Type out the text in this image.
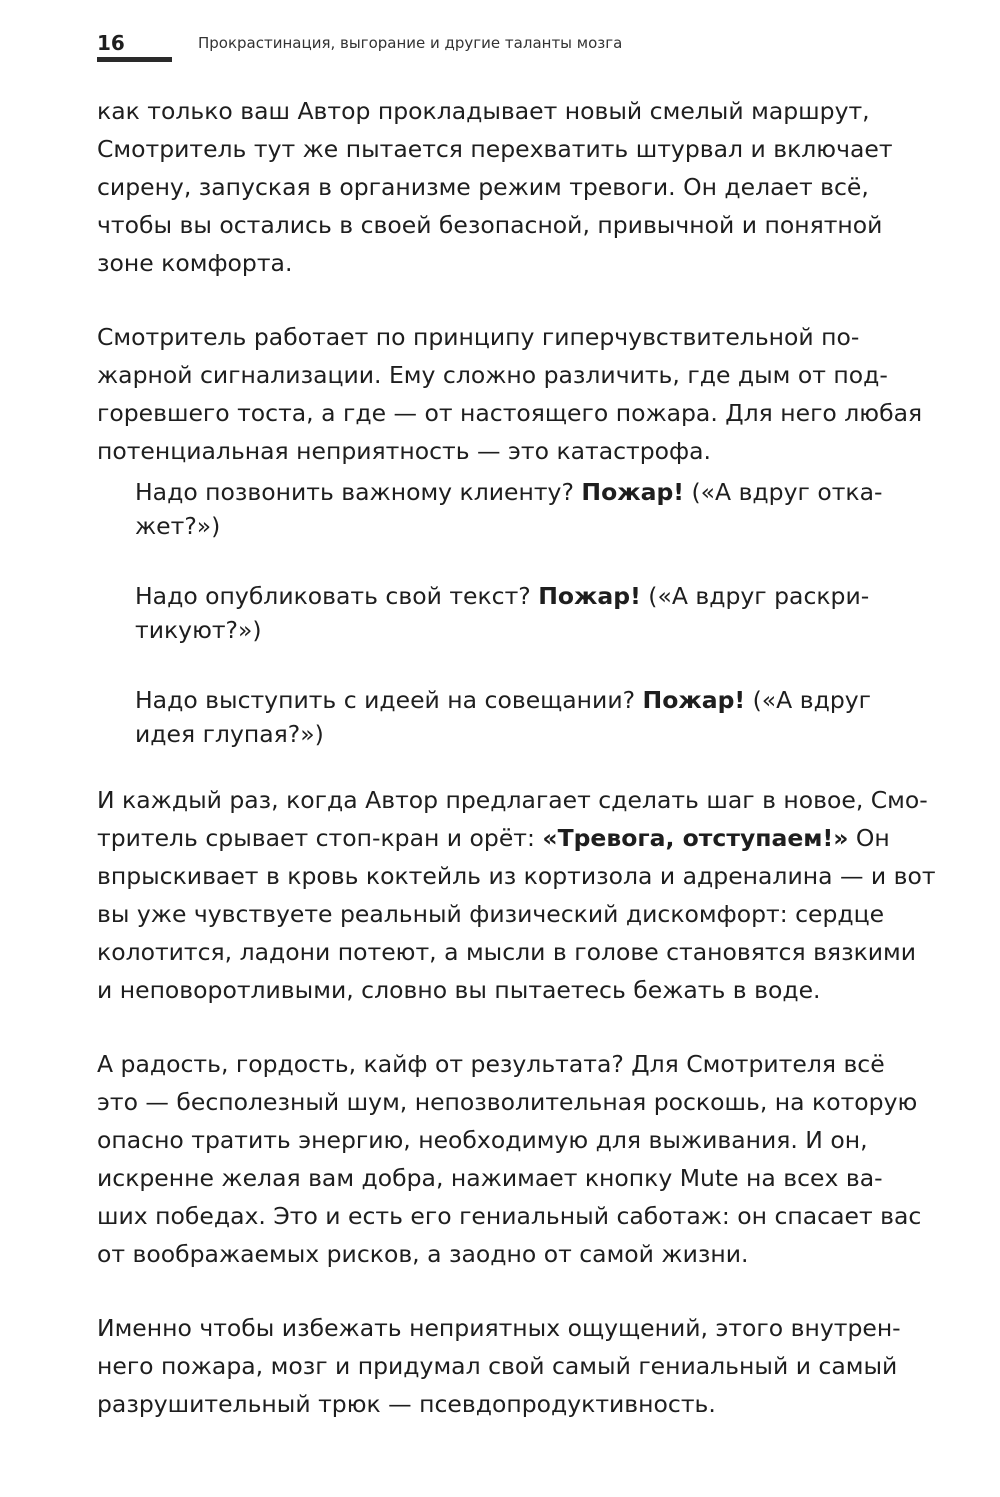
16	Прокрастинация, выгорание и другие таланты мозга

как только ваш Автор прокладывает новый смелый маршрут,
Смотритель тут же пытается перехватить штурвал и включает
сирену, запуская в организме режим тревоги. Он делает всё,
чтобы вы остались в своей безопасной, привычной и понятной
зоне комфорта.

Смотритель работает по принципу гиперчувствительной по-
жарной сигнализации. Ему сложно различить, где дым от под-
горевшего тоста, а где — от настоящего пожара. Для него любая
потенциальная неприятность — это катастрофа.

Надо позвонить важному клиенту? Пожар! («А вдруг отка-
жет?»)

Надо опубликовать свой текст? Пожар! («А вдруг раскри-
тикуют?»)

Надо выступить с идеей на совещании? Пожар! («А вдруг
идея глупая?»)

И каждый раз, когда Автор предлагает сделать шаг в новое, Смо-
тритель срывает стоп-кран и орёт: «Тревога, отступаем!» Он
впрыскивает в кровь коктейль из кортизола и адреналина — и вот
вы уже чувствуете реальный физический дискомфорт: сердце
колотится, ладони потеют, а мысли в голове становятся вязкими
и неповоротливыми, словно вы пытаетесь бежать в воде.

А радость, гордость, кайф от результата? Для Смотрителя всё
это — бесполезный шум, непозволительная роскошь, на которую
опасно тратить энергию, необходимую для выживания. И он,
искренне желая вам добра, нажимает кнопку Mute на всех ва-
ших победах. Это и есть его гениальный саботаж: он спасает вас
от воображаемых рисков, а заодно от самой жизни.

Именно чтобы избежать неприятных ощущений, этого внутрен-
него пожара, мозг и придумал свой самый гениальный и самый
разрушительный трюк — псевдопродуктивность.
